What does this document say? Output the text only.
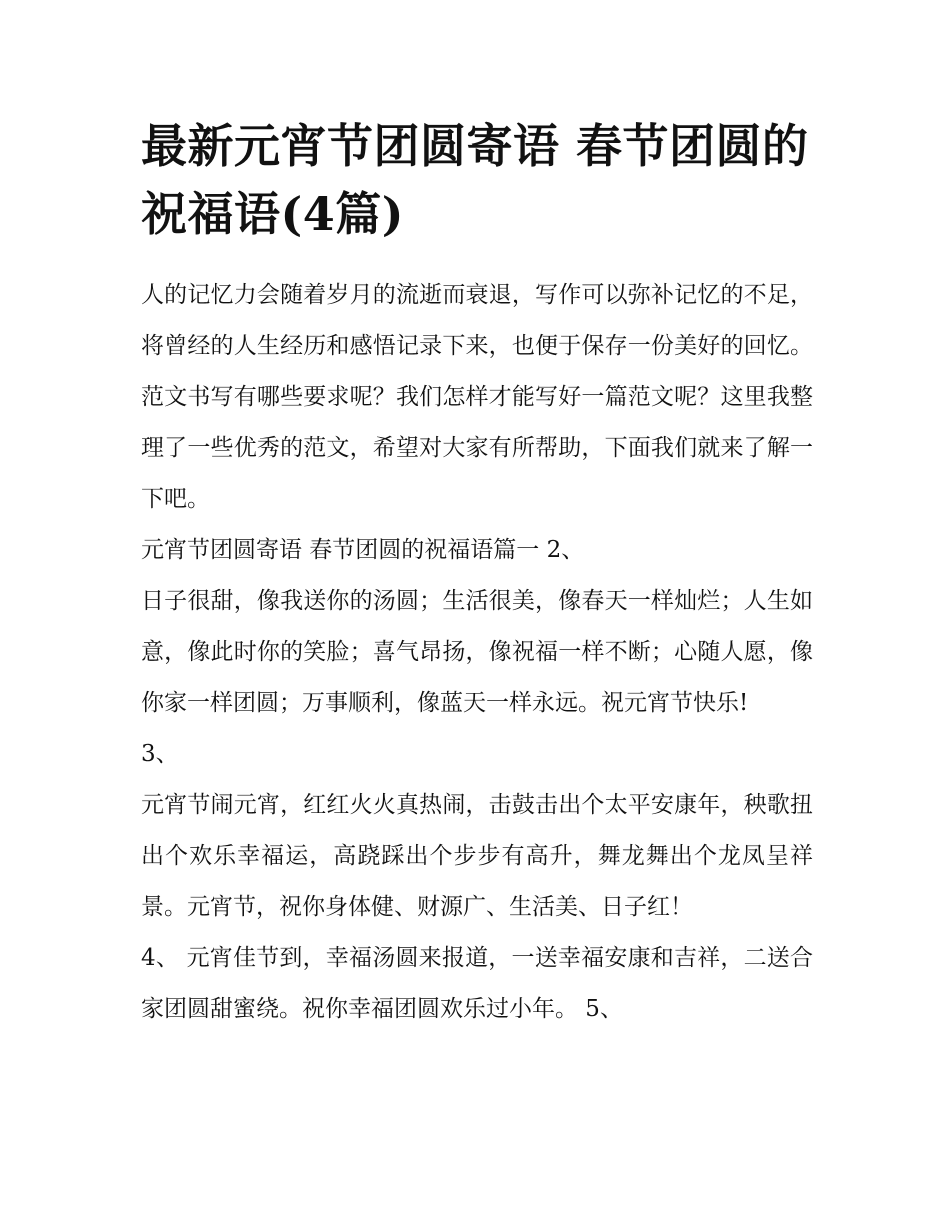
最新元宵节团圆寄语 春节团圆的祝福语(4篇)

人的记忆力会随着岁月的流逝而衰退，写作可以弥补记忆的不足，将曾经的人生经历和感悟记录下来，也便于保存一份美好的回忆。范文书写有哪些要求呢？我们怎样才能写好一篇范文呢？这里我整理了一些优秀的范文，希望对大家有所帮助，下面我们就来了解一下吧。

元宵节团圆寄语 春节团圆的祝福语篇一 2、

日子很甜，像我送你的汤圆；生活很美，像春天一样灿烂；人生如意，像此时你的笑脸；喜气昂扬，像祝福一样不断；心随人愿，像你家一样团圆；万事顺利，像蓝天一样永远。祝元宵节快乐!

3、

元宵节闹元宵，红红火火真热闹，击鼓击出个太平安康年，秧歌扭出个欢乐幸福运，高跷踩出个步步有高升，舞龙舞出个龙凤呈祥景。元宵节，祝你身体健、财源广、生活美、日子红！

4、 元宵佳节到，幸福汤圆来报道，一送幸福安康和吉祥，二送合家团圆甜蜜绕。祝你幸福团圆欢乐过小年。 5、
